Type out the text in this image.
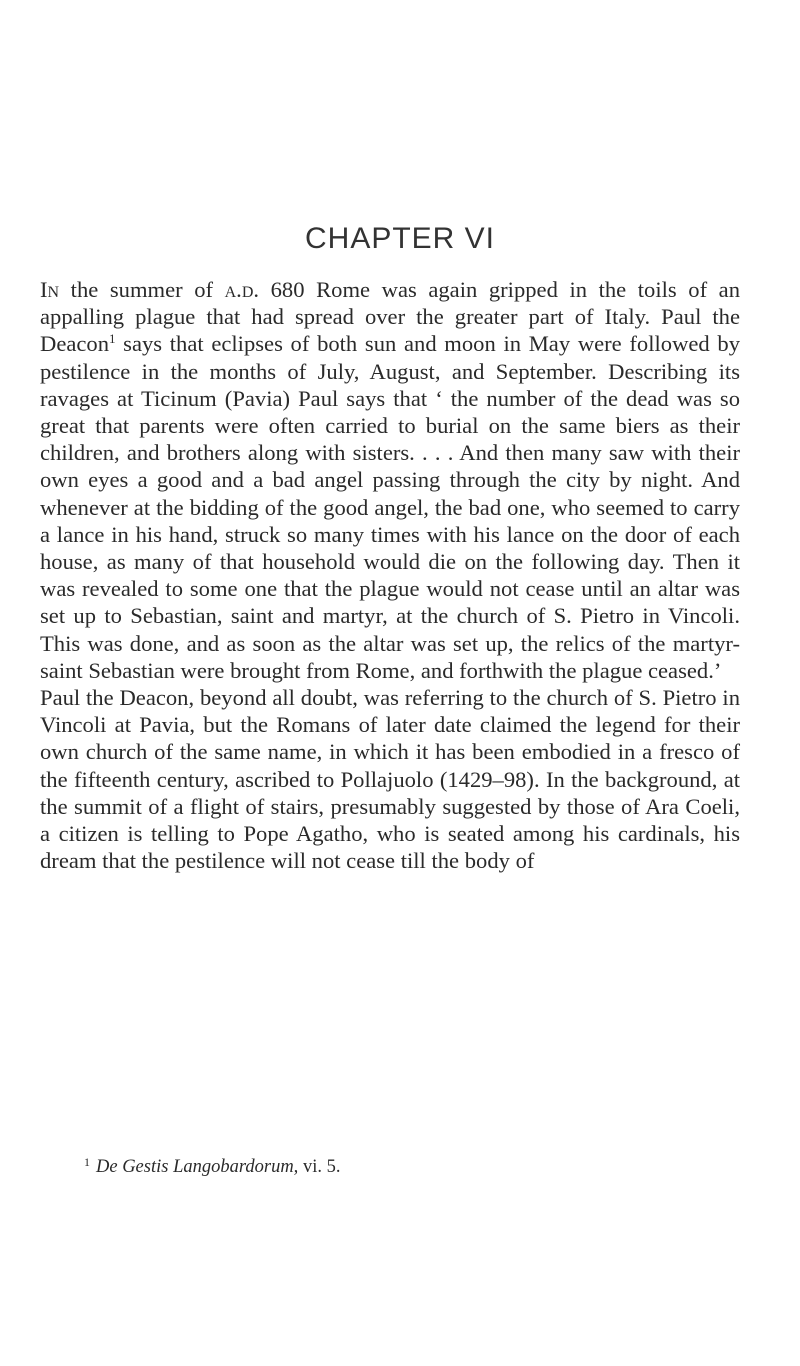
CHAPTER VI

In the summer of a.d. 680 Rome was again gripped in the toils of an appalling plague that had spread over the greater part of Italy. Paul the Deacon$^1$ says that eclipses of both sun and moon in May were followed by pestilence in the months of July, August, and September. Describing its ravages at Ticinum (Pavia) Paul says that ‘ the number of the dead was so great that parents were often carried to burial on the same biers as their children, and brothers along with sisters. . . . And then many saw with their own eyes a good and a bad angel passing through the city by night. And whenever at the bidding of the good angel, the bad one, who seemed to carry a lance in his hand, struck so many times with his lance on the door of each house, as many of that household would die on the following day. Then it was revealed to some one that the plague would not cease until an altar was set up to Sebastian, saint and martyr, at the church of S. Pietro in Vincoli. This was done, and as soon as the altar was set up, the relics of the martyr-saint Sebastian were brought from Rome, and forthwith the plague ceased.’

Paul the Deacon, beyond all doubt, was referring to the church of S. Pietro in Vincoli at Pavia, but the Romans of later date claimed the legend for their own church of the same name, in which it has been embodied in a fresco of the fifteenth century, ascribed to Pollajuolo (1429–98). In the background, at the summit of a flight of stairs, presumably suggested by those of Ara Coeli, a citizen is telling to Pope Agatho, who is seated among his cardinals, his dream that the pestilence will not cease till the body of

$^1$ De Gestis Langobardorum, vi. 5.
